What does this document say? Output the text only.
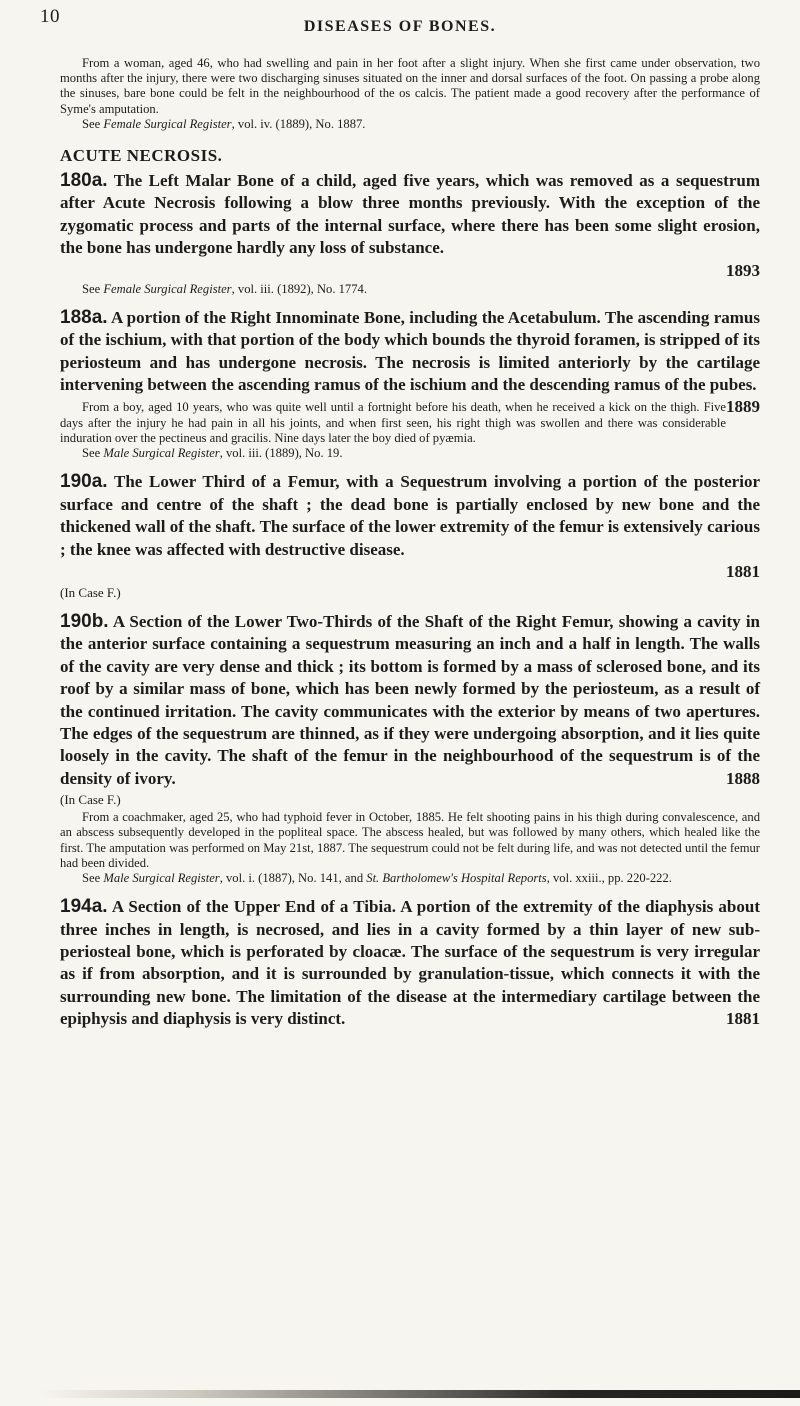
10	DISEASES OF BONES.

From a woman, aged 46, who had swelling and pain in her foot after a slight injury. When she first came under observation, two months after the injury, there were two discharging sinuses situated on the inner and dorsal surfaces of the foot. On passing a probe along the sinuses, bare bone could be felt in the neighbourhood of the os calcis. The patient made a good recovery after the performance of Syme's amputation.

See Female Surgical Register, vol. iv. (1889), No. 1887.

ACUTE NECROSIS.
180a. The Left Malar Bone of a child, aged five years, which was removed as a sequestrum after Acute Necrosis following a blow three months previously. With the exception of the zygomatic process and parts of the internal surface, where there has been some slight erosion, the bone has undergone hardly any loss of substance.

1893

See Female Surgical Register, vol. iii. (1892), No. 1774.

188a. A portion of the Right Innominate Bone, including the Acetabulum. The ascending ramus of the ischium, with that portion of the body which bounds the thyroid foramen, is stripped of its periosteum and has undergone necrosis. The necrosis is limited anteriorly by the cartilage intervening between the ascending ramus of the ischium and the descending ramus of the pubes.
1889

From a boy, aged 10 years, who was quite well until a fortnight before his death, when he received a kick on the thigh. Five days after the injury he had pain in all his joints, and when first seen, his right thigh was swollen and there was considerable induration over the pectineus and gracilis. Nine days later the boy died of pyæmia.

See Male Surgical Register, vol. iii. (1889), No. 19.

190a. The Lower Third of a Femur, with a Sequestrum involving a portion of the posterior surface and centre of the shaft ; the dead bone is partially enclosed by new bone and the thickened wall of the shaft. The surface of the lower extremity of the femur is extensively carious ; the knee was affected with destructive disease.

1881

(In Case F.)

190b. A Section of the Lower Two-Thirds of the Shaft of the Right Femur, showing a cavity in the anterior surface containing a sequestrum measuring an inch and a half in length. The walls of the cavity are very dense and thick ; its bottom is formed by a mass of sclerosed bone, and its roof by a similar mass of bone, which has been newly formed by the periosteum, as a result of the continued irritation. The cavity communicates with the exterior by means of two apertures. The edges of the sequestrum are thinned, as if they were undergoing absorption, and it lies quite loosely in the cavity. The shaft of the femur in the neighbourhood of the sequestrum is of the density of ivory.	1888

(In Case F.)

From a coachmaker, aged 25, who had typhoid fever in October, 1885. He felt shooting pains in his thigh during convalescence, and an abscess subsequently developed in the popliteal space. The abscess healed, but was followed by many others, which healed like the first. The amputation was performed on May 21st, 1887. The sequestrum could not be felt during life, and was not detected until the femur had been divided.

See Male Surgical Register, vol. i. (1887), No. 141, and St. Bartholomew's Hospital Reports, vol. xxiii., pp. 220-222.

194a. A Section of the Upper End of a Tibia. A portion of the extremity of the diaphysis about three inches in length, is necrosed, and lies in a cavity formed by a thin layer of new sub-periosteal bone, which is perforated by cloacæ. The surface of the sequestrum is very irregular as if from absorption, and it is surrounded by granulation-tissue, which connects it with the surrounding new bone. The limitation of the disease at the intermediary cartilage between the epiphysis and diaphysis is very distinct.	1881
